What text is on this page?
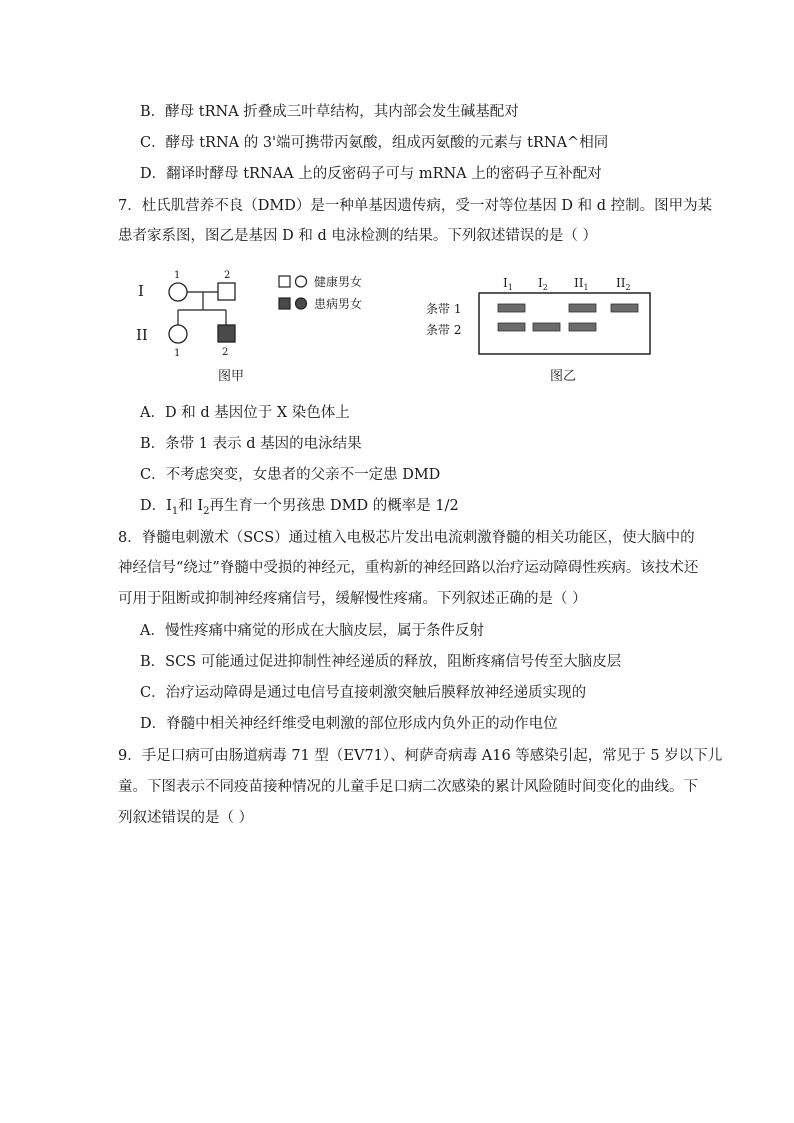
B．酵母 tRNA 折叠成三叶草结构，其内部会发生碱基配对
C．酵母 tRNA 的 3'端可携带丙氨酸，组成丙氨酸的元素与 tRNA^相同
D．翻译时酵母 tRNAA 上的反密码子可与 mRNA 上的密码子互补配对
7．杜氏肌营养不良（DMD）是一种单基因遗传病，受一对等位基因 D 和 d 控制。图甲为某
患者家系图，图乙是基因 D 和 d 电泳检测的结果。下列叙述错误的是（ ）
I
II
1	2
1	2
健康男女
患病男女
图甲
$I_1$ $I_2$ $II_1$ $II_2$
条带 1
条带 2
图乙
A．D 和 d 基因位于 X 染色体上
B．条带 1 表示 d 基因的电泳结果
C．不考虑突变，女患者的父亲不一定患 DMD
D．$I_1$和 $I_2$再生育一个男孩患 DMD 的概率是 1/2
8．脊髓电刺激术（SCS）通过植入电极芯片发出电流刺激脊髓的相关功能区，使大脑中的
神经信号“绕过”脊髓中受损的神经元，重构新的神经回路以治疗运动障碍性疾病。该技术还
可用于阻断或抑制神经疼痛信号，缓解慢性疼痛。下列叙述正确的是（ ）
A．慢性疼痛中痛觉的形成在大脑皮层，属于条件反射
B．SCS 可能通过促进抑制性神经递质的释放，阻断疼痛信号传至大脑皮层
C．治疗运动障碍是通过电信号直接刺激突触后膜释放神经递质实现的
D．脊髓中相关神经纤维受电刺激的部位形成内负外正的动作电位
9．手足口病可由肠道病毒 71 型（EV71）、柯萨奇病毒 A16 等感染引起，常见于 5 岁以下儿
童。下图表示不同疫苗接种情况的儿童手足口病二次感染的累计风险随时间变化的曲线。下
列叙述错误的是（ ）
